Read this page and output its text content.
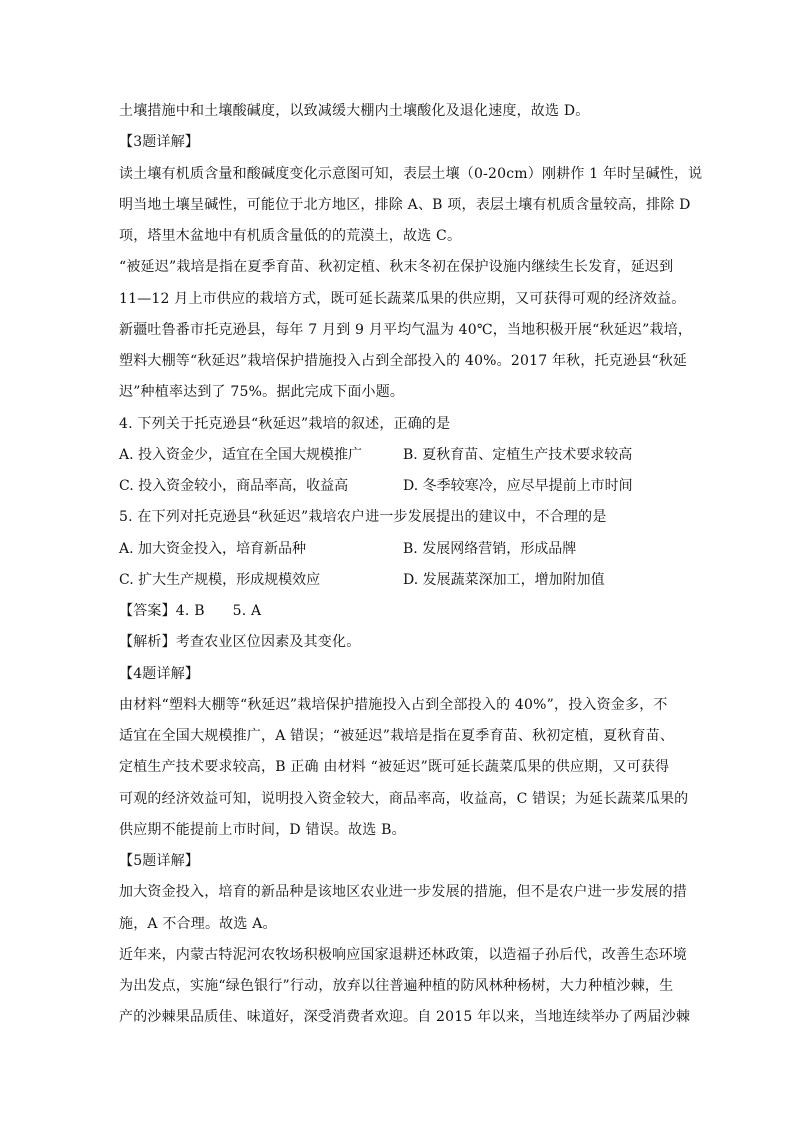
土壤措施中和土壤酸碱度，以致减缓大棚内土壤酸化及退化速度，故选 D。
【3题详解】
读土壤有机质含量和酸碱度变化示意图可知，表层土壤（0-20cm）刚耕作 1 年时呈碱性，说
明当地土壤呈碱性，可能位于北方地区，排除 A、B 项，表层土壤有机质含量较高，排除 D
项，塔里木盆地中有机质含量低的的荒漠土，故选 C。
“被延迟”栽培是指在夏季育苗、秋初定植、秋末冬初在保护设施内继续生长发育，延迟到
11—12 月上市供应的栽培方式，既可延长蔬菜瓜果的供应期，又可获得可观的经济效益。
新疆吐鲁番市托克逊县，每年 7 月到 9 月平均气温为 40℃，当地积极开展“秋延迟”栽培，
塑料大棚等“秋延迟”栽培保护措施投入占到全部投入的 40%。2017 年秋，托克逊县“秋延
迟”种植率达到了 75%。据此完成下面小题。
4. 下列关于托克逊县“秋延迟”栽培的叙述，正确的是
A. 投入资金少，适宜在全国大规模推广	B. 夏秋育苗、定植生产技术要求较高
C. 投入资金较小，商品率高，收益高	D. 冬季较寒冷，应尽早提前上市时间
5. 在下列对托克逊县“秋延迟”栽培农户进一步发展提出的建议中，不合理的是
A. 加大资金投入，培育新品种	B. 发展网络营销，形成品牌
C. 扩大生产规模，形成规模效应	D. 发展蔬菜深加工，增加附加值
【答案】4. B      5. A
【解析】考查农业区位因素及其变化。
【4题详解】
由材料“塑料大棚等“秋延迟”栽培保护措施投入占到全部投入的 40%”，投入资金多，不
适宜在全国大规模推广，A 错误；“被延迟”栽培是指在夏季育苗、秋初定植，夏秋育苗、
定植生产技术要求较高，B 正确 由材料 “被延迟”既可延长蔬菜瓜果的供应期，又可获得
可观的经济效益可知，说明投入资金较大，商品率高，收益高，C 错误；为延长蔬菜瓜果的
供应期不能提前上市时间，D 错误。故选 B。
【5题详解】
加大资金投入，培育的新品种是该地区农业进一步发展的措施，但不是农户进一步发展的措
施，A 不合理。故选 A。
近年来，内蒙古特泥河农牧场积极响应国家退耕还林政策，以造福子孙后代，改善生态环境
为出发点，实施“绿色银行”行动，放弃以往普遍种植的防风林种杨树，大力种植沙棘，生
产的沙棘果品质佳、味道好，深受消费者欢迎。自 2015 年以来，当地连续举办了两届沙棘
